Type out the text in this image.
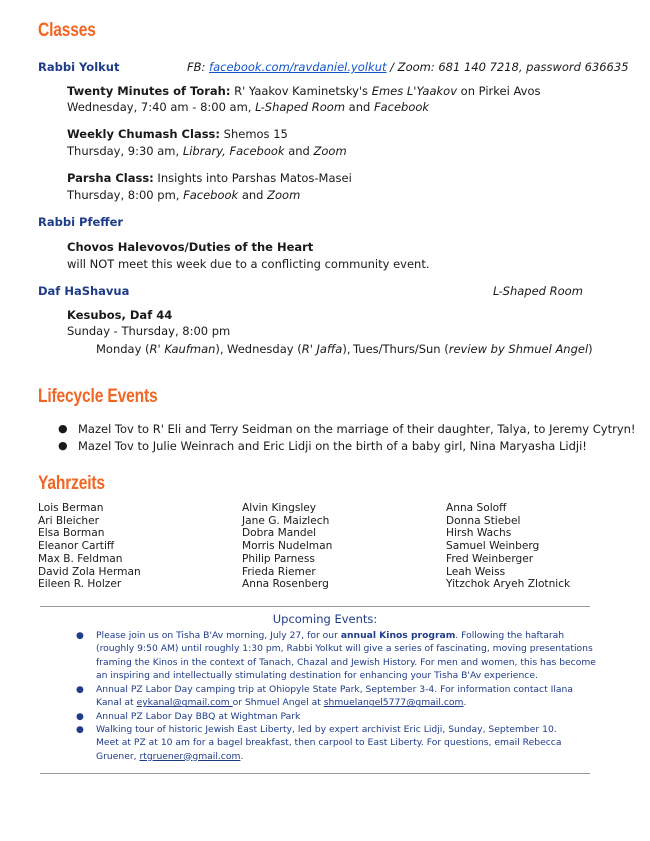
Classes
Rabbi Yolkut	FB: facebook.com/ravdaniel.yolkut / Zoom: 681 140 7218, password 636635
Twenty Minutes of Torah: R' Yaakov Kaminetsky's Emes L'Yaakov on Pirkei Avos
Wednesday, 7:40 am - 8:00 am, L-Shaped Room and Facebook
Weekly Chumash Class: Shemos 15
Thursday, 9:30 am, Library, Facebook and Zoom
Parsha Class: Insights into Parshas Matos-Masei
Thursday, 8:00 pm, Facebook and Zoom
Rabbi Pfeffer
Chovos Halevovos/Duties of the Heart
will NOT meet this week due to a conflicting community event.
Daf HaShavua	L-Shaped Room
Kesubos, Daf 44
Sunday - Thursday, 8:00 pm
Monday (R' Kaufman), Wednesday (R' Jaffa), Tues/Thurs/Sun (review by Shmuel Angel)
Lifecycle Events
● Mazel Tov to R' Eli and Terry Seidman on the marriage of their daughter, Talya, to Jeremy Cytryn!
● Mazel Tov to Julie Weinrach and Eric Lidji on the birth of a baby girl, Nina Maryasha Lidji!
Yahrzeits
Lois Berman
Ari Bleicher
Elsa Borman
Eleanor Cartiff
Max B. Feldman
David Zola Herman
Eileen R. Holzer
Alvin Kingsley
Jane G. Maizlech
Dobra Mandel
Morris Nudelman
Philip Parness
Frieda Riemer
Anna Rosenberg
Anna Soloff
Donna Stiebel
Hirsh Wachs
Samuel Weinberg
Fred Weinberger
Leah Weiss
Yitzchok Aryeh Zlotnick
Upcoming Events:
● Please join us on Tisha B'Av morning, July 27, for our annual Kinos program. Following the haftarah (roughly 9:50 AM) until roughly 1:30 pm, Rabbi Yolkut will give a series of fascinating, moving presentations framing the Kinos in the context of Tanach, Chazal and Jewish History. For men and women, this has become an inspiring and intellectually stimulating destination for enhancing your Tisha B'Av experience.
● Annual PZ Labor Day camping trip at Ohiopyle State Park, September 3-4. For information contact Ilana Kanal at eykanal@gmail.com or Shmuel Angel at shmuelangel5777@gmail.com.
● Annual PZ Labor Day BBQ at Wightman Park
● Walking tour of historic Jewish East Liberty, led by expert archivist Eric Lidji, Sunday, September 10.
Meet at PZ at 10 am for a bagel breakfast, then carpool to East Liberty. For questions, email Rebecca Gruener, rtgruener@gmail.com.
